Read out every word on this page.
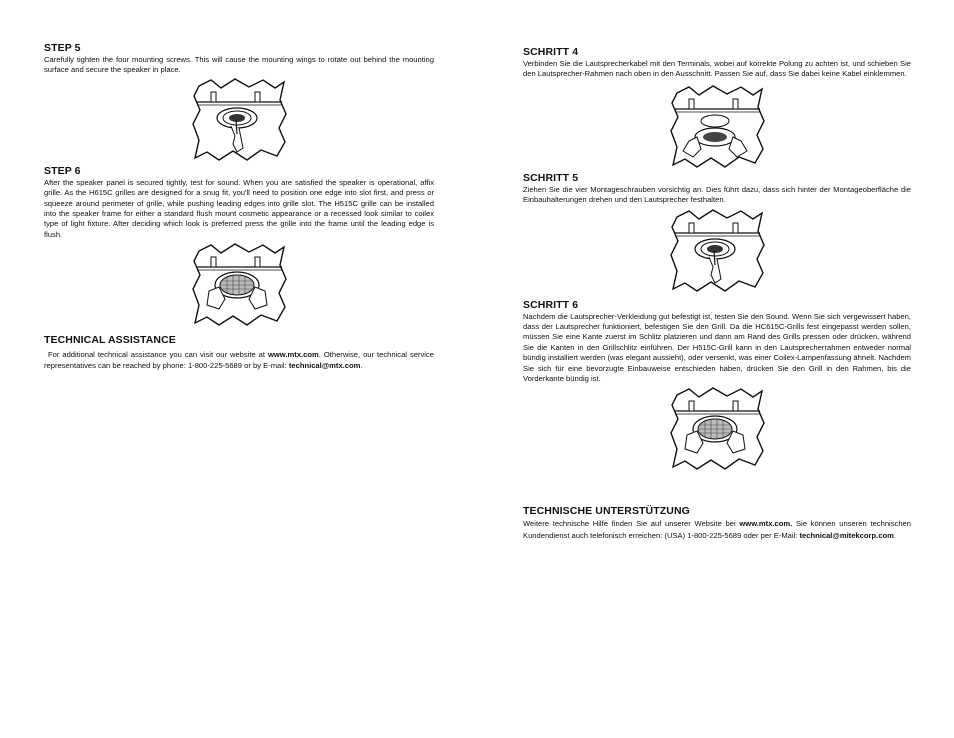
STEP 5

Carefully tighten the four mounting screws. This will cause the mounting wings to rotate out behind the mounting surface and secure the speaker in place.

STEP 6

After the speaker panel is secured tightly, test for sound. When you are satisfied the speaker is operational, affix grille. As the H615C grilles are designed for a snug fit, you'll need to position one edge into slot first, and press or squeeze around perimeter of grille, while pushing leading edges into grille slot. The H515C grille can be installed into the speaker frame for either a standard flush mount cosmetic appearance or a recessed look similar to coilex type of light fixture. After deciding which look is preferred press the grille into the frame until the leading edge is flush.

TECHNICAL ASSISTANCE

For additional technical assistance you can visit our website at www.mtx.com. Otherwise, our technical service representatives can be reached by phone: 1-800-225-5689 or by E-mail: technical@mtx.com.

SCHRITT 4

Verbinden Sie die Lautsprecherkabel mit den Terminals, wobei auf korrekte Polung zu achten ist, und schieben Sie den Lautsprecher-Rahmen nach oben in den Ausschnitt. Passen Sie auf, dass Sie dabei keine Kabel einklemmen.

SCHRITT 5

Ziehen Sie die vier Montageschrauben vorsichtig an. Dies führt dazu, dass sich hinter der Montageoberfläche die Einbauhalterungen drehen und den Lautsprecher festhalten.

SCHRITT 6

Nachdem die Lautsprecher-Verkleidung gut befestigt ist, testen Sie den Sound. Wenn Sie sich vergewissert haben, dass der Lautsprecher funktioniert, befestigen Sie den Grill. Da die HC615C-Grills fest eingepasst werden sollen, müssen Sie eine Kante zuerst im Schlitz platzieren und dann am Rand des Grills pressen oder drücken, während Sie die Kanten in den Grillschlitz einführen. Der H515C-Grill kann in den Lautsprecherrahmen entweder normal bündig installiert werden (was elegant aussieht), oder versenkt, was einer Coilex-Lampenfassung ähnelt. Nachdem Sie sich für eine bevorzugte Einbauweise entschieden haben, drücken Sie den Grill in den Rahmen, bis die Vorderkante bündig ist.

TECHNISCHE UNTERSTÜTZUNG

Weitere technische Hilfe finden Sie auf unserer Website bei www.mtx.com. Sie können unseren technischen Kundendienst auch telefonisch erreichen: (USA) 1-800-225-5689 oder per E-Mail: technical@mitekcorp.com.
